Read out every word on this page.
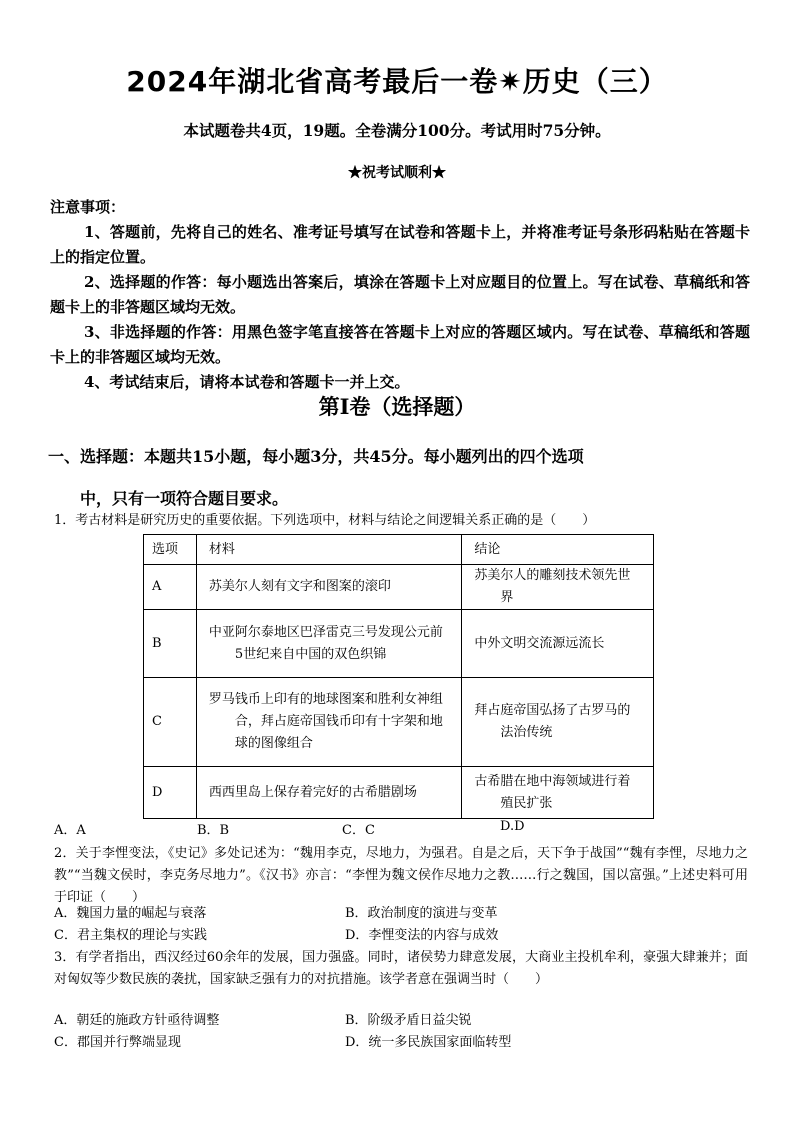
2024年湖北省高考最后一卷✷历史（三）
本试题卷共4页，19题。全卷满分100分。考试用时75分钟。
★祝考试顺利★
注意事项：

1、答题前，先将自己的姓名、准考证号填写在试卷和答题卡上，并将准考证号条形码粘贴在答题卡上的指定位置。

2、选择题的作答：每小题选出答案后，填涂在答题卡上对应题目的位置上。写在试卷、草稿纸和答题卡上的非答题区域均无效。

3、非选择题的作答：用黑色签字笔直接答在答题卡上对应的答题区域内。写在试卷、草稿纸和答题卡上的非答题区域均无效。

4、考试结束后，请将本试卷和答题卡一并上交。

第Ⅰ卷（选择题）
一、选择题：本题共15小题，每小题3分，共45分。每小题列出的四个选项
中，只有一项符合题目要求。
1．考古材料是研究历史的重要依据。下列选项中，材料与结论之间逻辑关系正确的是（　　）
选项	材料	结论
A	苏美尔人刻有文字和图案的滚印	苏美尔人的雕刻技术领先世界

B	中亚阿尔泰地区巴泽雷克三号发现公元前5世纪来自中国的双色织锦	中外文明交流源远流长

C	罗马钱币上印有的地球图案和胜利女神组合，拜占庭帝国钱币印有十字架和地球的图像组合	拜占庭帝国弘扬了古罗马的法治传统

D	西西里岛上保存着完好的古希腊剧场	古希腊在地中海领域进行着殖民扩张
A．A	B．B	C．C	D.D

2．关于李悝变法，《史记》多处记述为：“魏用李克，尽地力，为强君。自是之后，天下争于战国”“魏有李悝，尽地力之教”“当魏文侯时，李克务尽地力”。《汉书》亦言：“李悝为魏文侯作尽地力之教……行之魏国，国以富强。”上述史料可用于印证（　　）

A．魏国力量的崛起与衰落	B．政治制度的演进与变革
C．君主集权的理论与实践	D．李悝变法的内容与成效

3．有学者指出，西汉经过60余年的发展，国力强盛。同时，诸侯势力肆意发展，大商业主投机牟利，豪强大肆兼并；面对匈奴等少数民族的袭扰，国家缺乏强有力的对抗措施。该学者意在强调当时（　　）

A．朝廷的施政方针亟待调整	B．阶级矛盾日益尖锐
C．郡国并行弊端显现	D．统一多民族国家面临转型
